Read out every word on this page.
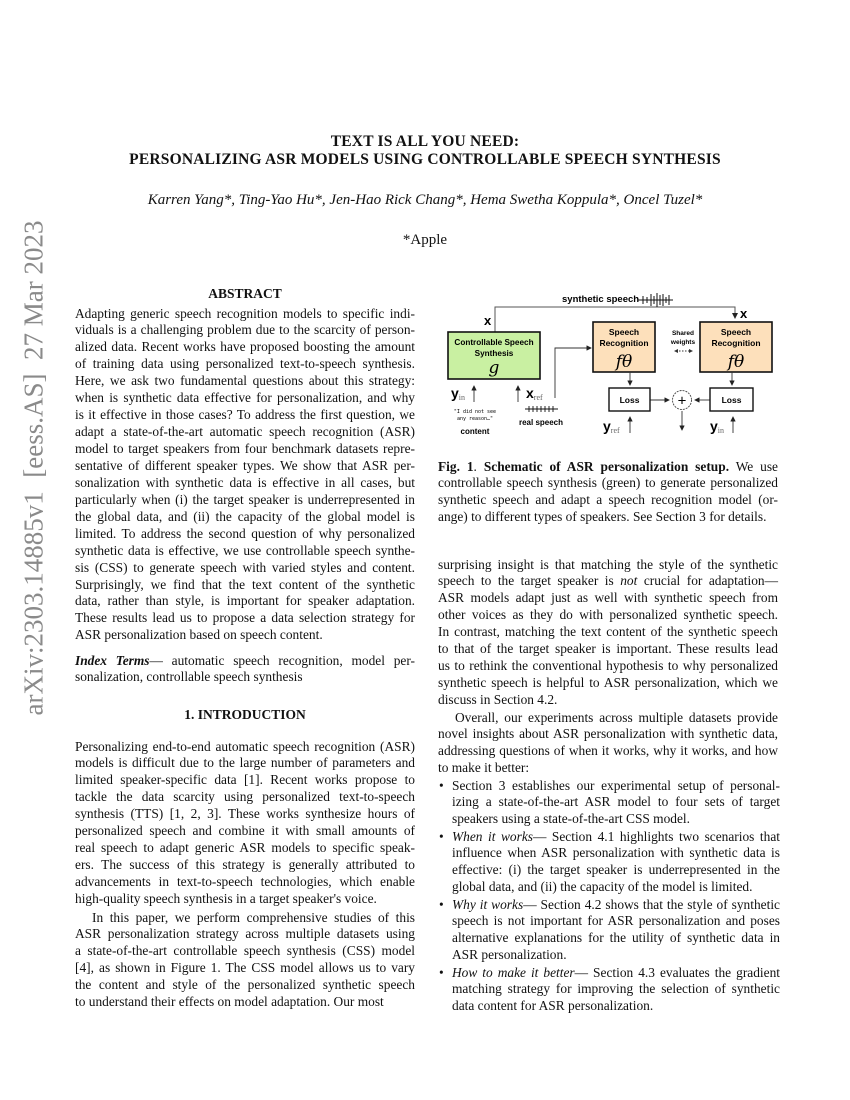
arXiv:2303.14885v1  [eess.AS]  27 Mar 2023
TEXT IS ALL YOU NEED:
PERSONALIZING ASR MODELS USING CONTROLLABLE SPEECH SYNTHESIS
Karren Yang*, Ting-Yao Hu*, Jen-Hao Rick Chang*, Hema Swetha Koppula*, Oncel Tuzel*
*Apple
ABSTRACT
1. INTRODUCTION
Adapting generic speech recognition models to specific indi-
viduals is a challenging problem due to the scarcity of person-
alized data. Recent works have proposed boosting the amount
of training data using personalized text-to-speech synthesis.
Here, we ask two fundamental questions about this strategy:
when is synthetic data effective for personalization, and why
is it effective in those cases? To address the first question, we
adapt a state-of-the-art automatic speech recognition (ASR)
model to target speakers from four benchmark datasets repre-
sentative of different speaker types. We show that ASR per-
sonalization with synthetic data is effective in all cases, but
particularly when (i) the target speaker is underrepresented in
the global data, and (ii) the capacity of the global model is
limited. To address the second question of why personalized
synthetic data is effective, we use controllable speech synthe-
sis (CSS) to generate speech with varied styles and content.
Surprisingly, we find that the text content of the synthetic
data, rather than style, is important for speaker adaptation.
These results lead us to propose a data selection strategy for
ASR personalization based on speech content.
Index Terms— automatic speech recognition, model per-
sonalization, controllable speech synthesis
Personalizing end-to-end automatic speech recognition (ASR)
models is difficult due to the large number of parameters and
limited speaker-specific data [1]. Recent works propose to
tackle the data scarcity using personalized text-to-speech
synthesis (TTS) [1, 2, 3]. These works synthesize hours of
personalized speech and combine it with small amounts of
real speech to adapt generic ASR models to specific speak-
ers. The success of this strategy is generally attributed to
advancements in text-to-speech technologies, which enable
high-quality speech synthesis in a target speaker's voice.
In this paper, we perform comprehensive studies of this
ASR personalization strategy across multiple datasets using
a state-of-the-art controllable speech synthesis (CSS) model
[4], as shown in Figure 1. The CSS model allows us to vary
the content and style of the personalized synthetic speech
to understand their effects on model adaptation. Our most
synthetic speech
x	x
Controllable Speech
Synthesis
g
Speech
Recognition
fθ
Speech
Recognition
fθ
Shared
weights
Loss	Loss
+
yin	xref
"I did not see
any reason…"
content
real speech	yref	yin
Fig. 1. Schematic of ASR personalization setup. We use
controllable speech synthesis (green) to generate personalized
synthetic speech and adapt a speech recognition model (or-
ange) to different types of speakers. See Section 3 for details.
surprising insight is that matching the style of the synthetic
speech to the target speaker is not crucial for adaptation—
ASR models adapt just as well with synthetic speech from
other voices as they do with personalized synthetic speech.
In contrast, matching the text content of the synthetic speech
to that of the target speaker is important. These results lead
us to rethink the conventional hypothesis to why personalized
synthetic speech is helpful to ASR personalization, which we
discuss in Section 4.2.
Overall, our experiments across multiple datasets provide
novel insights about ASR personalization with synthetic data,
addressing questions of when it works, why it works, and how
to make it better:
• Section 3 establishes our experimental setup of personal-
izing a state-of-the-art ASR model to four sets of target
speakers using a state-of-the-art CSS model.
• When it works— Section 4.1 highlights two scenarios that
influence when ASR personalization with synthetic data is
effective: (i) the target speaker is underrepresented in the
global data, and (ii) the capacity of the model is limited.
• Why it works— Section 4.2 shows that the style of synthetic
speech is not important for ASR personalization and poses
alternative explanations for the utility of synthetic data in
ASR personalization.
• How to make it better— Section 4.3 evaluates the gradient
matching strategy for improving the selection of synthetic
data content for ASR personalization.
